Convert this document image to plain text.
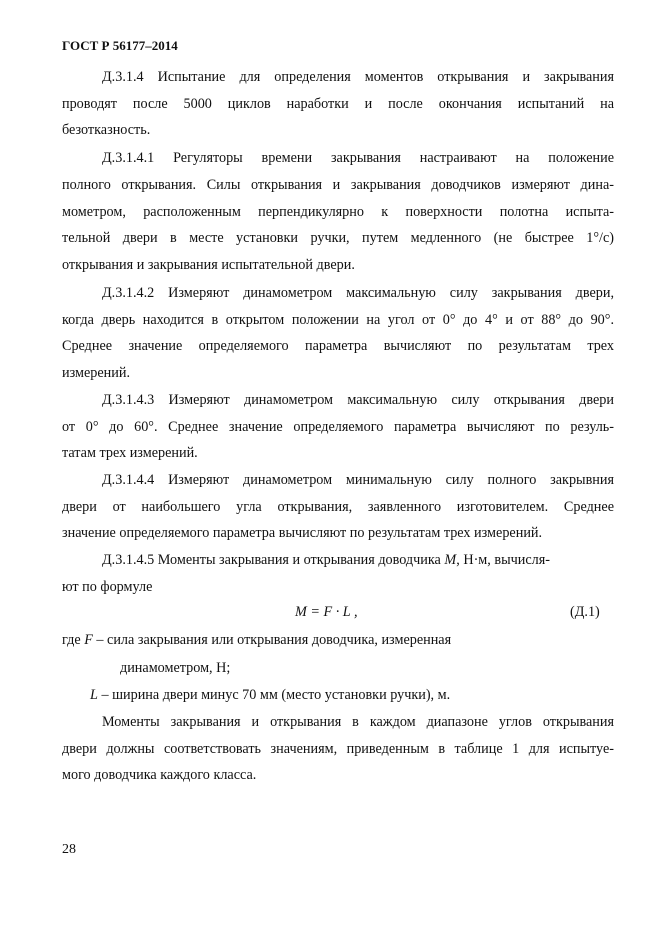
ГОСТ Р 56177–2014
Д.3.1.4 Испытание для определения моментов открывания и закрывания
проводят после 5000 циклов наработки и после окончания испытаний на
безотказность.
Д.3.1.4.1 Регуляторы времени закрывания настраивают на положение
полного открывания. Силы открывания и закрывания доводчиков измеряют дина-
мометром, расположенным перпендикулярно к поверхности полотна испыта-
тельной двери в месте установки ручки, путем медленного (не быстрее 1°/с)
открывания и закрывания испытательной двери.
Д.3.1.4.2 Измеряют динамометром максимальную силу закрывания двери,
когда дверь находится в открытом положении на угол от 0° до 4° и от 88° до 90°.
Среднее значение определяемого параметра вычисляют по результатам трех
измерений.
Д.3.1.4.3 Измеряют динамометром максимальную силу открывания двери
от 0° до 60°. Среднее значение определяемого параметра вычисляют по резуль-
татам трех измерений.
Д.3.1.4.4 Измеряют динамометром минимальную силу полного закрывния
двери от наибольшего угла открывания, заявленного изготовителем. Среднее
значение определяемого параметра вычисляют по результатам трех измерений.
Д.3.1.4.5 Моменты закрывания и открывания доводчика M, Н·м, вычисля-
ют по формуле
M = F · L ,	(Д.1)
где F – сила закрывания или открывания доводчика, измеренная
динамометром, Н;
L – ширина двери минус 70 мм (место установки ручки), м.
Моменты закрывания и открывания в каждом диапазоне углов открывания
двери должны соответствовать значениям, приведенным в таблице 1 для испытуе-
мого доводчика каждого класса.
28
